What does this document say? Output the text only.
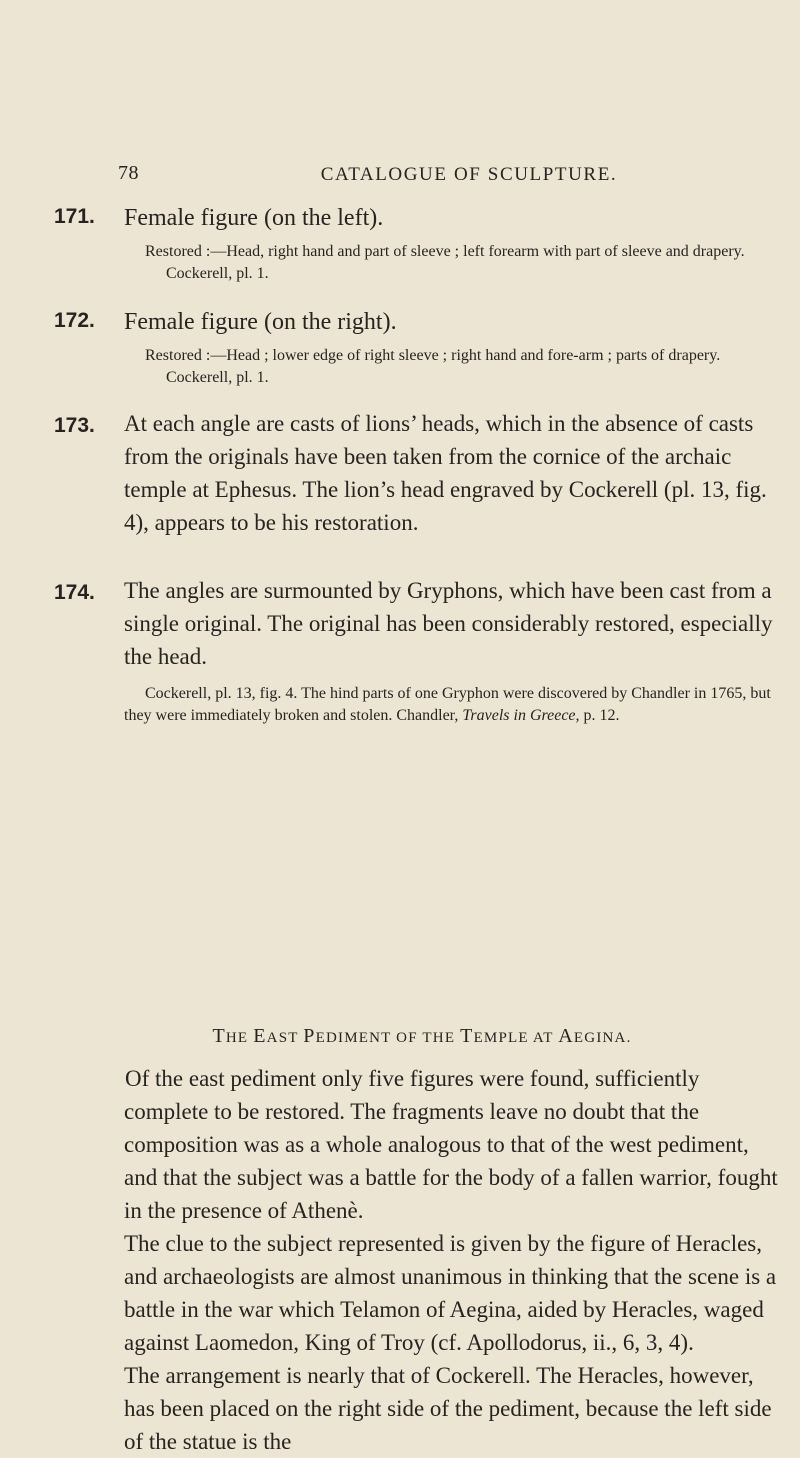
78	CATALOGUE OF SCULPTURE.
171. Female figure (on the left).
Restored :—Head, right hand and part of sleeve ; left forearm with part of sleeve and drapery. Cockerell, pl. 1.
172. Female figure (on the right).
Restored :—Head ; lower edge of right sleeve ; right hand and fore-arm ; parts of drapery. Cockerell, pl. 1.
173. At each angle are casts of lions’ heads, which in the absence of casts from the originals have been taken from the cornice of the archaic temple at Ephesus. The lion’s head engraved by Cockerell (pl. 13, fig. 4), appears to be his restoration.
174. The angles are surmounted by Gryphons, which have been cast from a single original. The original has been considerably restored, especially the head.
Cockerell, pl. 13, fig. 4. The hind parts of one Gryphon were discovered by Chandler in 1765, but they were immediately broken and stolen. Chandler, Travels in Greece, p. 12.
THE EAST PEDIMENT OF THE TEMPLE AT AEGINA.
Of the east pediment only five figures were found, sufficiently complete to be restored. The fragments leave no doubt that the composition was as a whole analogous to that of the west pediment, and that the subject was a battle for the body of a fallen warrior, fought in the presence of Athenè.
The clue to the subject represented is given by the figure of Heracles, and archaeologists are almost unanimous in thinking that the scene is a battle in the war which Telamon of Aegina, aided by Heracles, waged against Laomedon, King of Troy (cf. Apollodorus, ii., 6, 3, 4).
The arrangement is nearly that of Cockerell. The Heracles, however, has been placed on the right side of the pediment, because the left side of the statue is the
